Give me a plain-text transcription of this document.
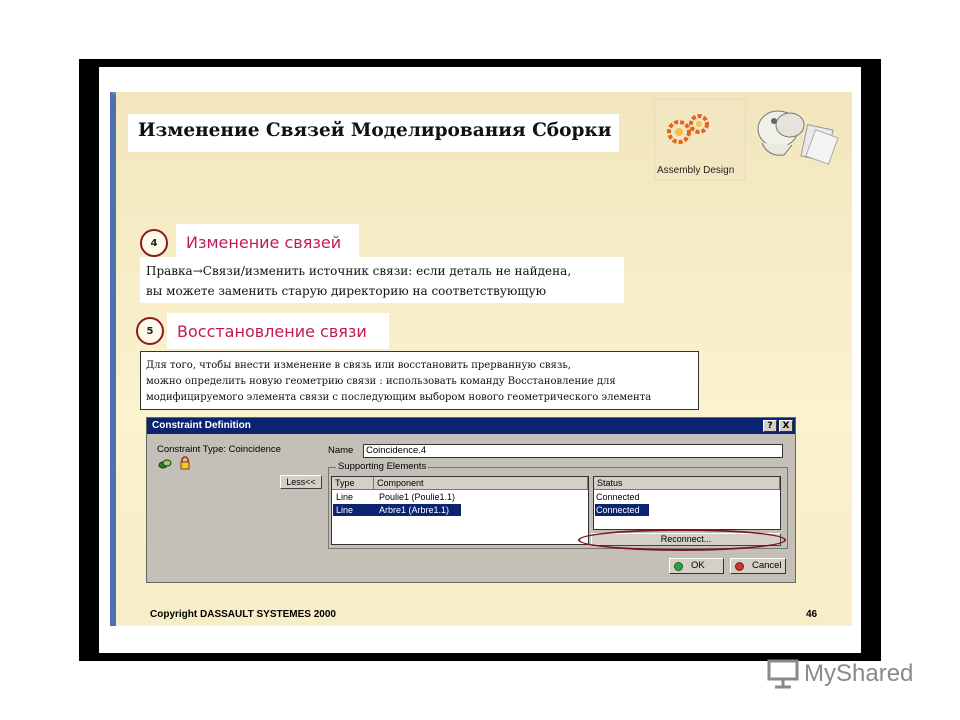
Изменение Связей Моделирования Сборки
Assembly Design
4	Изменение связей
Правка→Связи/изменить источник связи: если деталь не найдена,
вы можете заменить старую директорию на соответствующую
5	Восстановление связи
Для того, чтобы внести изменение в связь или восстановить прерванную связь,
можно определить новую геометрию связи : использовать команду Восстановление для
модифицируемого элемента связи с последующим выбором нового геометрического элемента
Constraint Definition	?	X
Constraint Type: Coincidence
Less<<
Name	Coincidence.4
Supporting Elements
Type	Component
Line	Poulie1 (Poulie1.1)
Line	Arbre1 (Arbre1.1)
Status
Connected
Connected
Reconnect...
OK	Cancel
Copyright DASSAULT SYSTEMES 2000	46
MyShared
